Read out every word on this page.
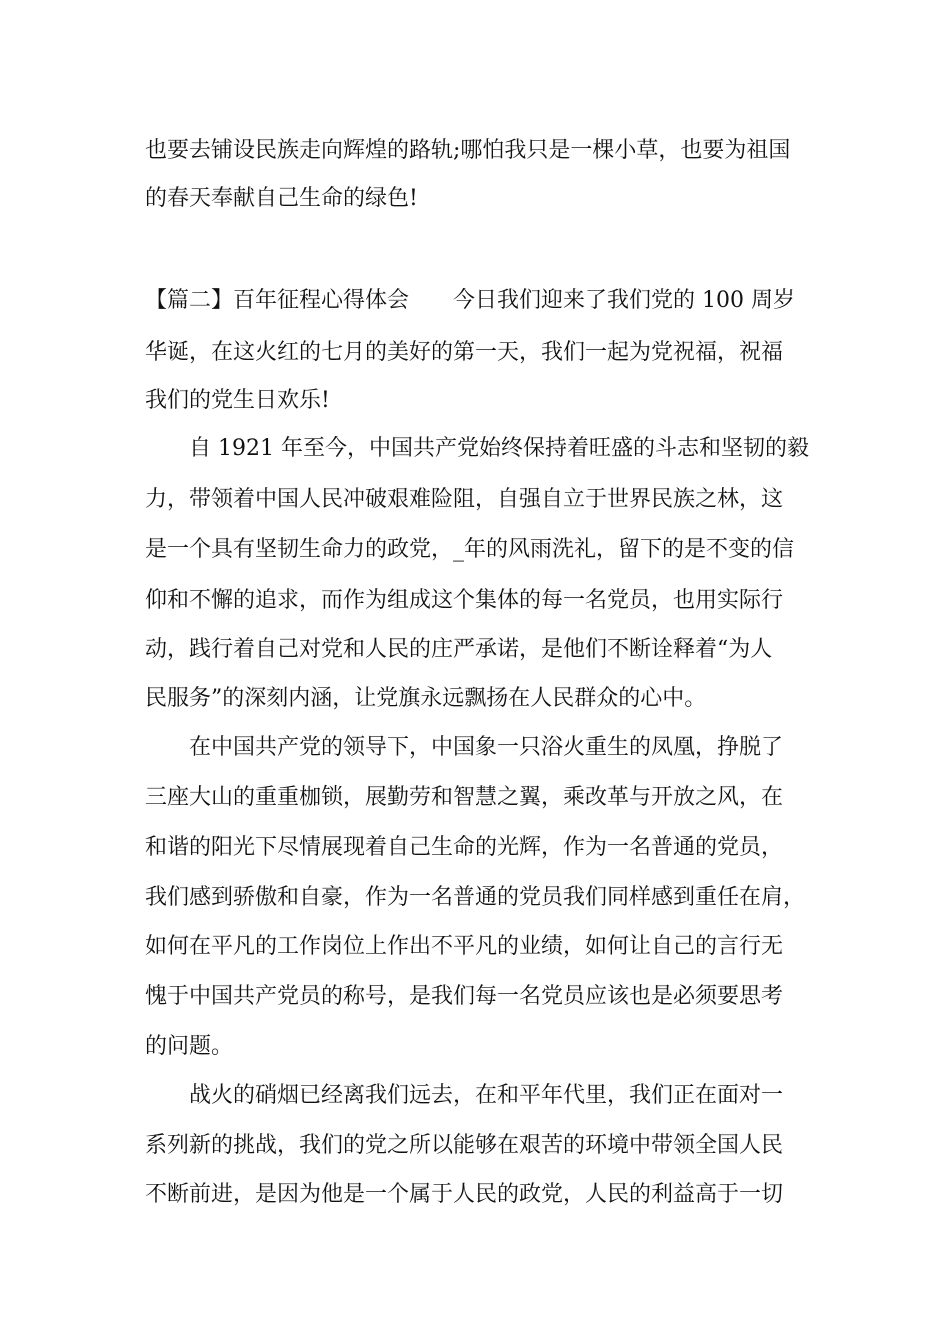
也要去铺设民族走向辉煌的路轨;哪怕我只是一棵小草，也要为祖国
的春天奉献自己生命的绿色!
【篇二】百年征程心得体会　　今日我们迎来了我们党的 100 周岁
华诞，在这火红的七月的美好的第一天，我们一起为党祝福，祝福
我们的党生日欢乐!
　　自 1921 年至今，中国共产党始终保持着旺盛的斗志和坚韧的毅
力，带领着中国人民冲破艰难险阻，自强自立于世界民族之林，这
是一个具有坚韧生命力的政党，_年的风雨洗礼，留下的是不变的信
仰和不懈的追求，而作为组成这个集体的每一名党员，也用实际行
动，践行着自己对党和人民的庄严承诺，是他们不断诠释着“为人
民服务”的深刻内涵，让党旗永远飘扬在人民群众的心中。
　　在中国共产党的领导下，中国象一只浴火重生的凤凰，挣脱了
三座大山的重重枷锁，展勤劳和智慧之翼，乘改革与开放之风，在
和谐的阳光下尽情展现着自己生命的光辉，作为一名普通的党员，
我们感到骄傲和自豪，作为一名普通的党员我们同样感到重任在肩，
如何在平凡的工作岗位上作出不平凡的业绩，如何让自己的言行无
愧于中国共产党员的称号，是我们每一名党员应该也是必须要思考
的问题。
　　战火的硝烟已经离我们远去，在和平年代里，我们正在面对一
系列新的挑战，我们的党之所以能够在艰苦的环境中带领全国人民
不断前进，是因为他是一个属于人民的政党，人民的利益高于一切
